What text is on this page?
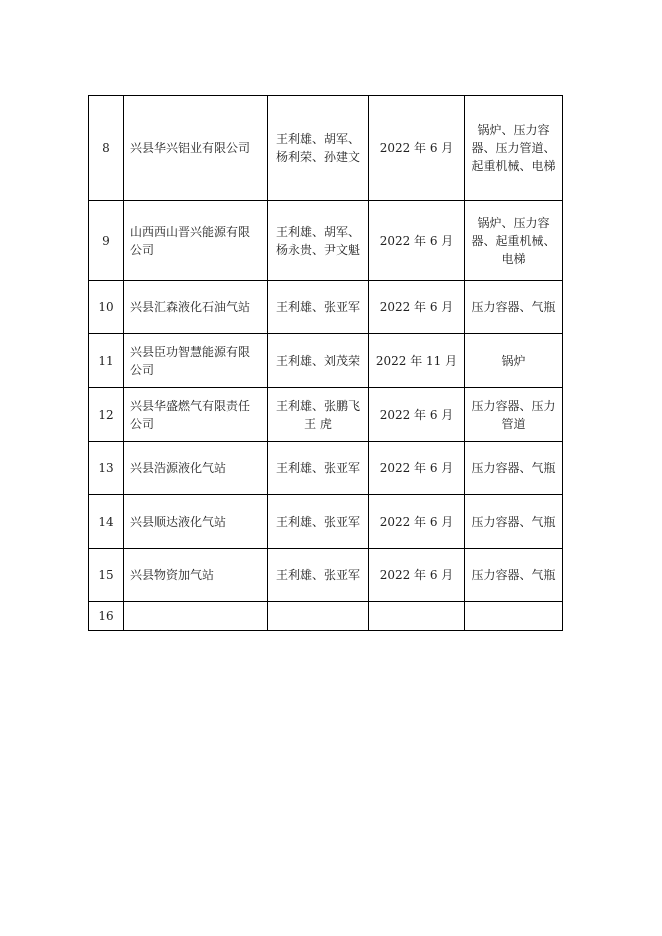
8	兴县华兴铝业有限公司	王利雄、胡军、杨利荣、孙建文	2022 年 6 月	锅炉、压力容器、压力管道、起重机械、电梯
9	山西西山晋兴能源有限公司	王利雄、胡军、杨永贵、尹文魁	2022 年 6 月	锅炉、压力容器、起重机械、电梯
10	兴县汇森液化石油气站	王利雄、张亚军	2022 年 6 月	压力容器、气瓶
11	兴县臣功智慧能源有限公司	王利雄、刘茂荣	2022 年 11 月	锅炉
12	兴县华盛燃气有限责任公司	王利雄、张鹏飞 王 虎	2022 年 6 月	压力容器、压力管道
13	兴县浩源液化气站	王利雄、张亚军	2022 年 6 月	压力容器、气瓶
14	兴县顺达液化气站	王利雄、张亚军	2022 年 6 月	压力容器、气瓶
15	兴县物资加气站	王利雄、张亚军	2022 年 6 月	压力容器、气瓶
16				
